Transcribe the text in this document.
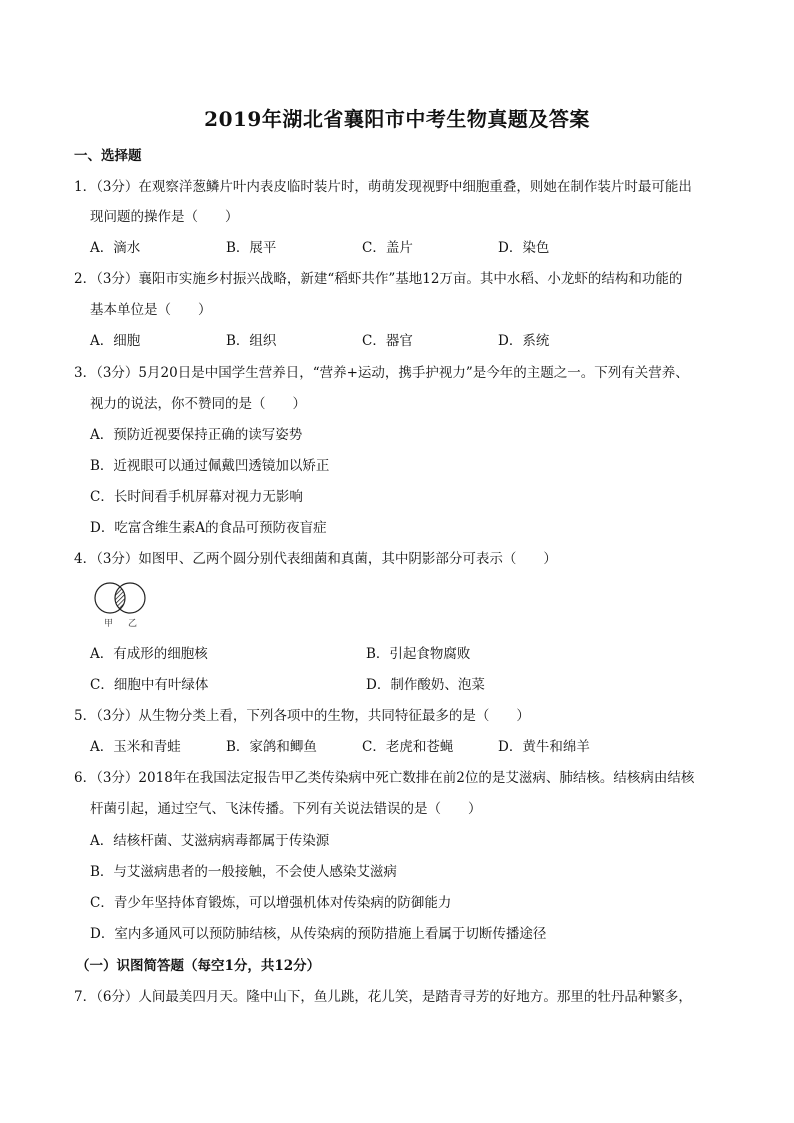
2019年湖北省襄阳市中考生物真题及答案
一、选择题
1．（3分）在观察洋葱鳞片叶内表皮临时装片时，萌萌发现视野中细胞重叠，则她在制作装片时最可能出
现问题的操作是（　　）
A．滴水	B．展平	C．盖片	D．染色
2．（3分）襄阳市实施乡村振兴战略，新建“稻虾共作”基地12万亩。其中水稻、小龙虾的结构和功能的
基本单位是（　　）
A．细胞	B．组织	C．器官	D．系统
3．（3分）5月20日是中国学生营养日，“营养+运动，携手护视力”是今年的主题之一。下列有关营养、
视力的说法，你不赞同的是（　　）
A．预防近视要保持正确的读写姿势
B．近视眼可以通过佩戴凹透镜加以矫正
C．长时间看手机屏幕对视力无影响
D．吃富含维生素A的食品可预防夜盲症
4．（3分）如图甲、乙两个圆分别代表细菌和真菌，其中阴影部分可表示（　　）
甲 乙
A．有成形的细胞核	B．引起食物腐败
C．细胞中有叶绿体	D．制作酸奶、泡菜
5．（3分）从生物分类上看，下列各项中的生物，共同特征最多的是（　　）
A．玉米和青蛙	B．家鸽和鲫鱼	C．老虎和苍蝇	D．黄牛和绵羊
6．（3分）2018年在我国法定报告甲乙类传染病中死亡数排在前2位的是艾滋病、肺结核。结核病由结核
杆菌引起，通过空气、飞沫传播。下列有关说法错误的是（　　）
A．结核杆菌、艾滋病病毒都属于传染源
B．与艾滋病患者的一般接触，不会使人感染艾滋病
C．青少年坚持体育锻炼，可以增强机体对传染病的防御能力
D．室内多通风可以预防肺结核，从传染病的预防措施上看属于切断传播途径
（一）识图简答题（每空1分，共12分）
7．（6分）人间最美四月天。隆中山下，鱼儿跳，花儿笑，是踏青寻芳的好地方。那里的牡丹品种繁多，
